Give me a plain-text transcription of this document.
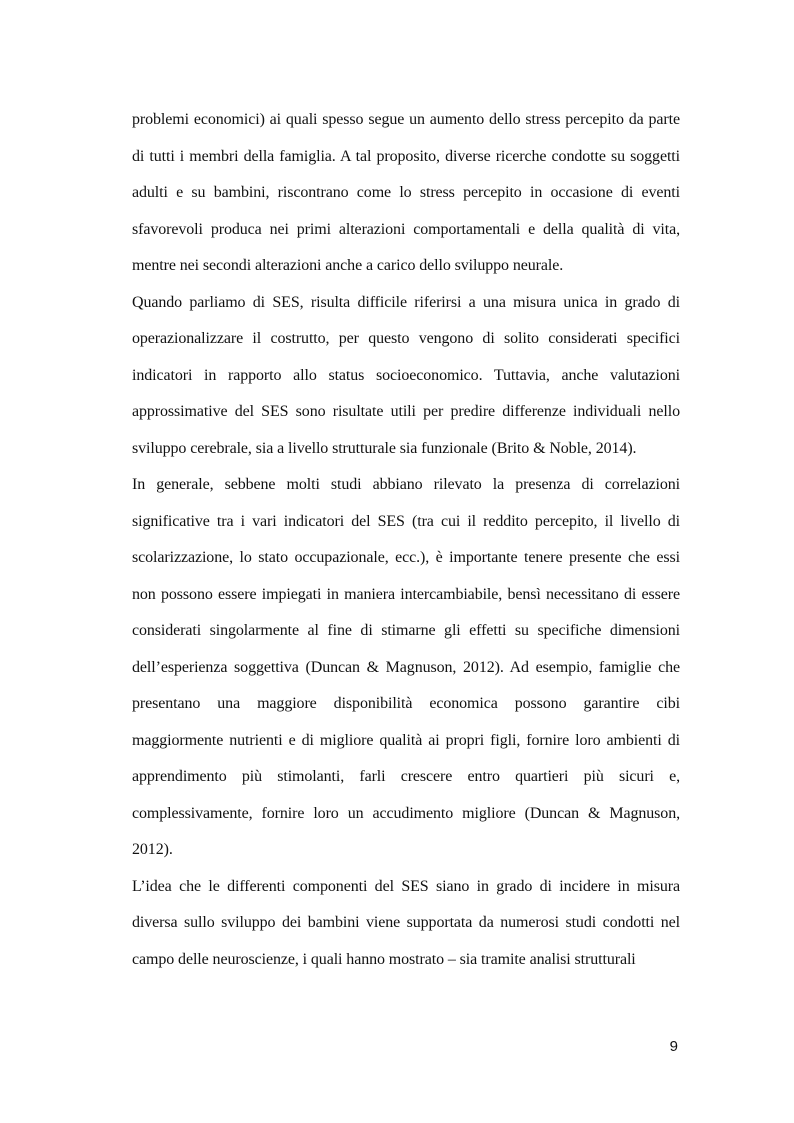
problemi economici) ai quali spesso segue un aumento dello stress percepito da parte di tutti i membri della famiglia. A tal proposito, diverse ricerche condotte su soggetti adulti e su bambini, riscontrano come lo stress percepito in occasione di eventi sfavorevoli produca nei primi alterazioni comportamentali e della qualità di vita, mentre nei secondi alterazioni anche a carico dello sviluppo neurale.

Quando parliamo di SES, risulta difficile riferirsi a una misura unica in grado di operazionalizzare il costrutto, per questo vengono di solito considerati specifici indicatori in rapporto allo status socioeconomico. Tuttavia, anche valutazioni approssimative del SES sono risultate utili per predire differenze individuali nello sviluppo cerebrale, sia a livello strutturale sia funzionale (Brito & Noble, 2014).

In generale, sebbene molti studi abbiano rilevato la presenza di correlazioni significative tra i vari indicatori del SES (tra cui il reddito percepito, il livello di scolarizzazione, lo stato occupazionale, ecc.), è importante tenere presente che essi non possono essere impiegati in maniera intercambiabile, bensì necessitano di essere considerati singolarmente al fine di stimarne gli effetti su specifiche dimensioni dell’esperienza soggettiva (Duncan & Magnuson, 2012). Ad esempio, famiglie che presentano una maggiore disponibilità economica possono garantire cibi maggiormente nutrienti e di migliore qualità ai propri figli, fornire loro ambienti di apprendimento più stimolanti, farli crescere entro quartieri più sicuri e, complessivamente, fornire loro un accudimento migliore (Duncan & Magnuson, 2012).

L’idea che le differenti componenti del SES siano in grado di incidere in misura diversa sullo sviluppo dei bambini viene supportata da numerosi studi condotti nel campo delle neuroscienze, i quali hanno mostrato – sia tramite analisi strutturali

9
